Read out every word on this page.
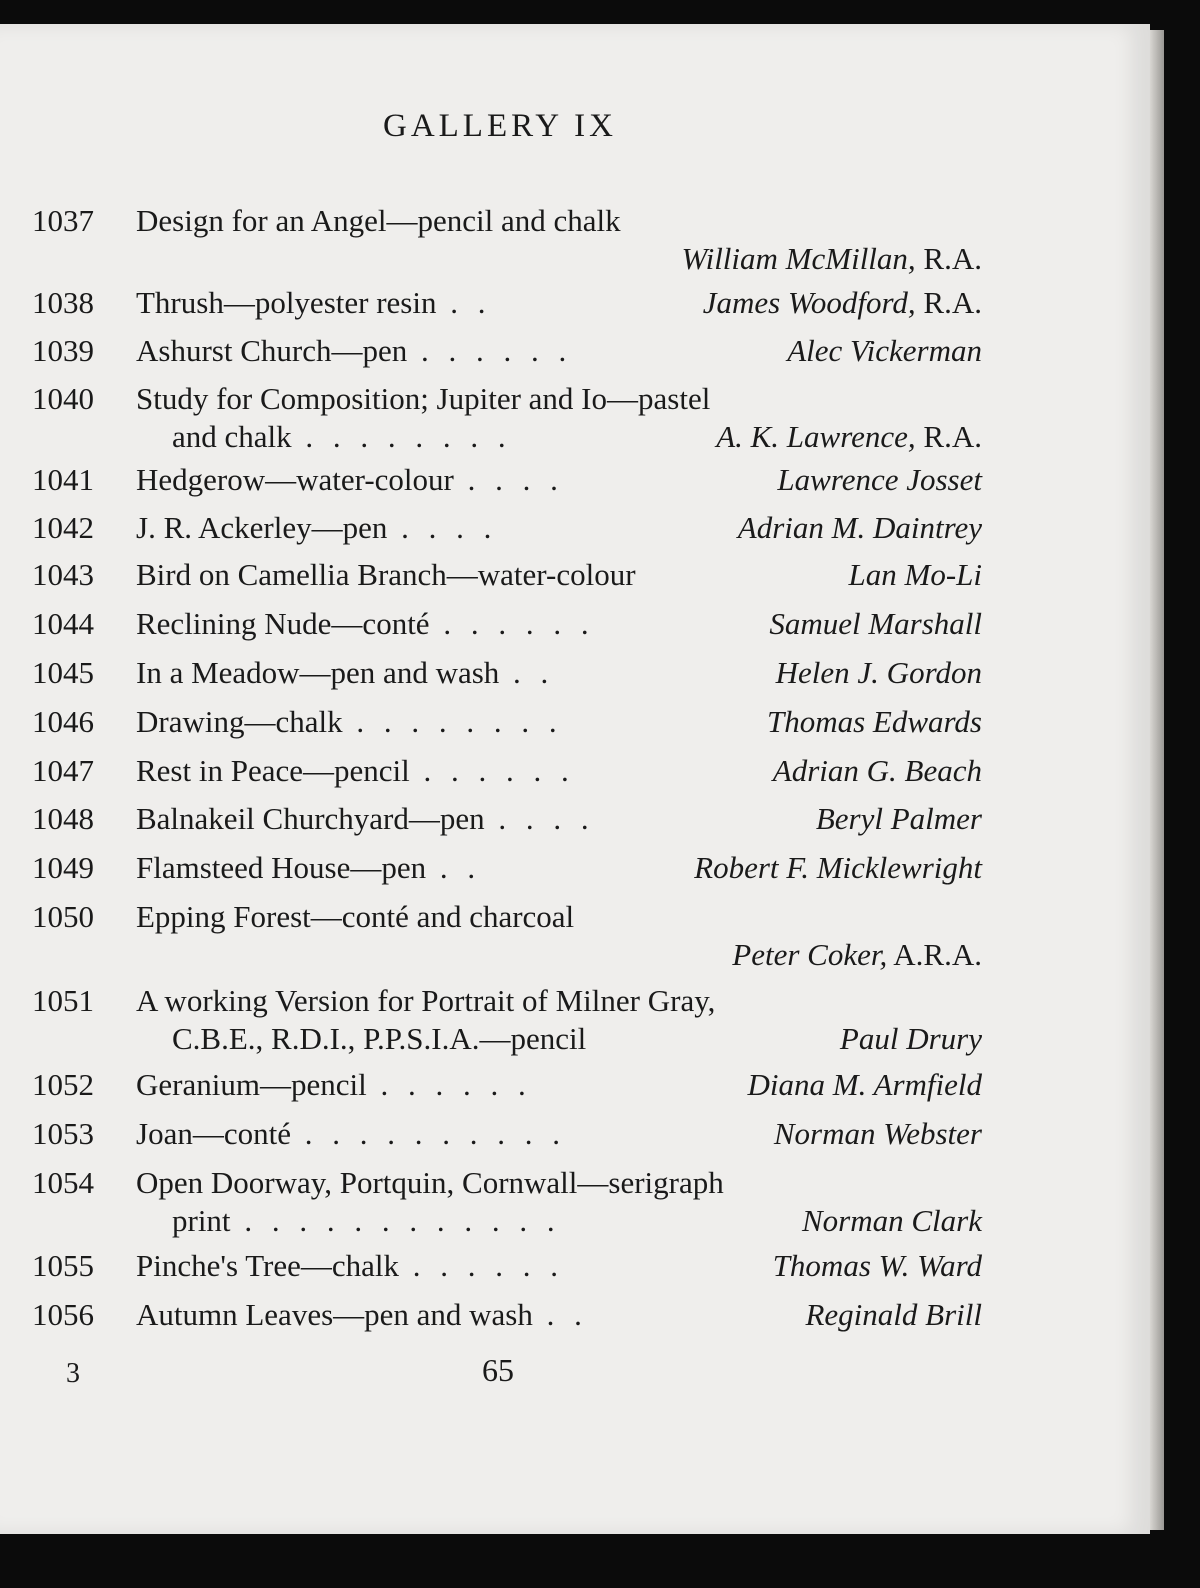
GALLERY IX
1037 Design for an Angel—pencil and chalk
William McMillan, R.A.
1038 Thrush—polyester resin . .	James Woodford, R.A.
1039 Ashurst Church—pen . . . . . .	Alec Vickerman
1040 Study for Composition; Jupiter and Io—pastel
and chalk . . . . . . . .	A. K. Lawrence, R.A.
1041 Hedgerow—water-colour . . . .	Lawrence Josset
1042 J. R. Ackerley—pen . . . .	Adrian M. Daintrey
1043 Bird on Camellia Branch—water-colour	Lan Mo-Li
1044 Reclining Nude—conté . . . . . .	Samuel Marshall
1045 In a Meadow—pen and wash . .	Helen J. Gordon
1046 Drawing—chalk . . . . . . . .	Thomas Edwards
1047 Rest in Peace—pencil . . . . . .	Adrian G. Beach
1048 Balnakeil Churchyard—pen . . . .	Beryl Palmer
1049 Flamsteed House—pen . .	Robert F. Micklewright
1050 Epping Forest—conté and charcoal
Peter Coker, A.R.A.
1051 A working Version for Portrait of Milner Gray,
C.B.E., R.D.I., P.P.S.I.A.—pencil	Paul Drury
1052 Geranium—pencil . . . . . .	Diana M. Armfield
1053 Joan—conté . . . . . . . . . .	Norman Webster
1054 Open Doorway, Portquin, Cornwall—serigraph
print . . . . . . . . . . . .	Norman Clark
1055 Pinche's Tree—chalk . . . . . .	Thomas W. Ward
1056 Autumn Leaves—pen and wash . .	Reginald Brill
3	65
